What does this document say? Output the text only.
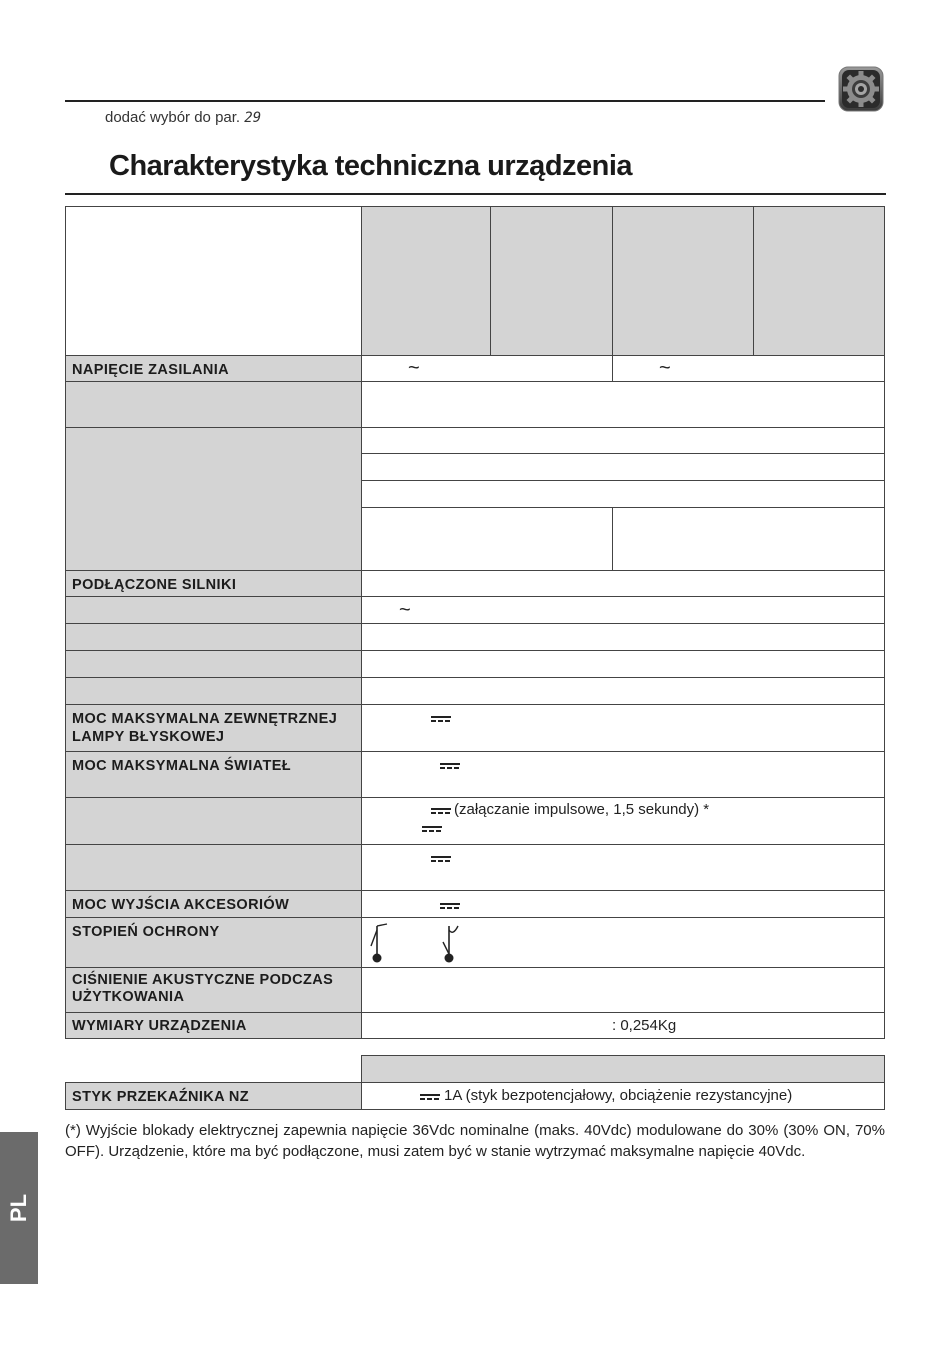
dodać wybór do par. 29
Charakterystyka techniczna urządzenia
NAPIĘCIE ZASILANIA	~	~
PODŁĄCZONE SILNIKI
~
MOC MAKSYMALNA ZEWNĘTRZNEJ LAMPY BŁYSKOWEJ
MOC MAKSYMALNA ŚWIATEŁ
(załączanie impulsowe, 1,5 sekundy) *
MOC WYJŚCIA AKCESORIÓW
STOPIEŃ OCHRONY
CIŚNIENIE AKUSTYCZNE PODCZAS UŻYTKOWANIA
WYMIARY URZĄDZENIA	: 0,254Kg
STYK PRZEKAŹNIKA NZ	1A (styk bezpotencjałowy, obciążenie rezystancyjne)
(*) Wyjście blokady elektrycznej zapewnia napięcie 36Vdc nominalne (maks. 40Vdc) modulowane do 30% (30% ON, 70% OFF). Urządzenie, które ma być podłączone, musi zatem być w stanie wytrzymać maksymalne napięcie 40Vdc.
PL
